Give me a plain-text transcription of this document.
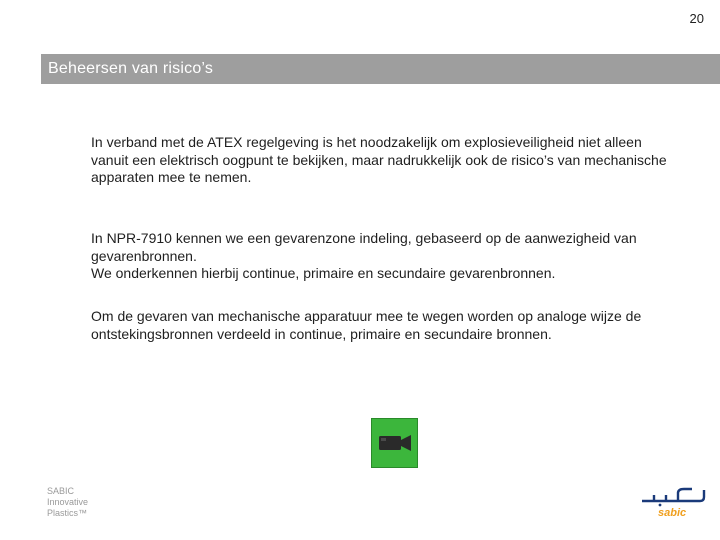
20
Beheersen van risico’s

In verband met de ATEX regelgeving is het noodzakelijk om explosieveiligheid niet alleen vanuit een elektrisch oogpunt te bekijken, maar nadrukkelijk ook de risico’s van mechanische apparaten mee te nemen.

In NPR-7910 kennen we een gevarenzone indeling, gebaseerd op de aanwezigheid van gevarenbronnen.
We onderkennen hierbij continue, primaire en secundaire gevarenbronnen.

Om de gevaren van mechanische apparatuur mee te wegen worden op analoge wijze de ontstekingsbronnen verdeeld in continue, primaire en secundaire bronnen.

SABIC
Innovative
Plastics™	sabic
